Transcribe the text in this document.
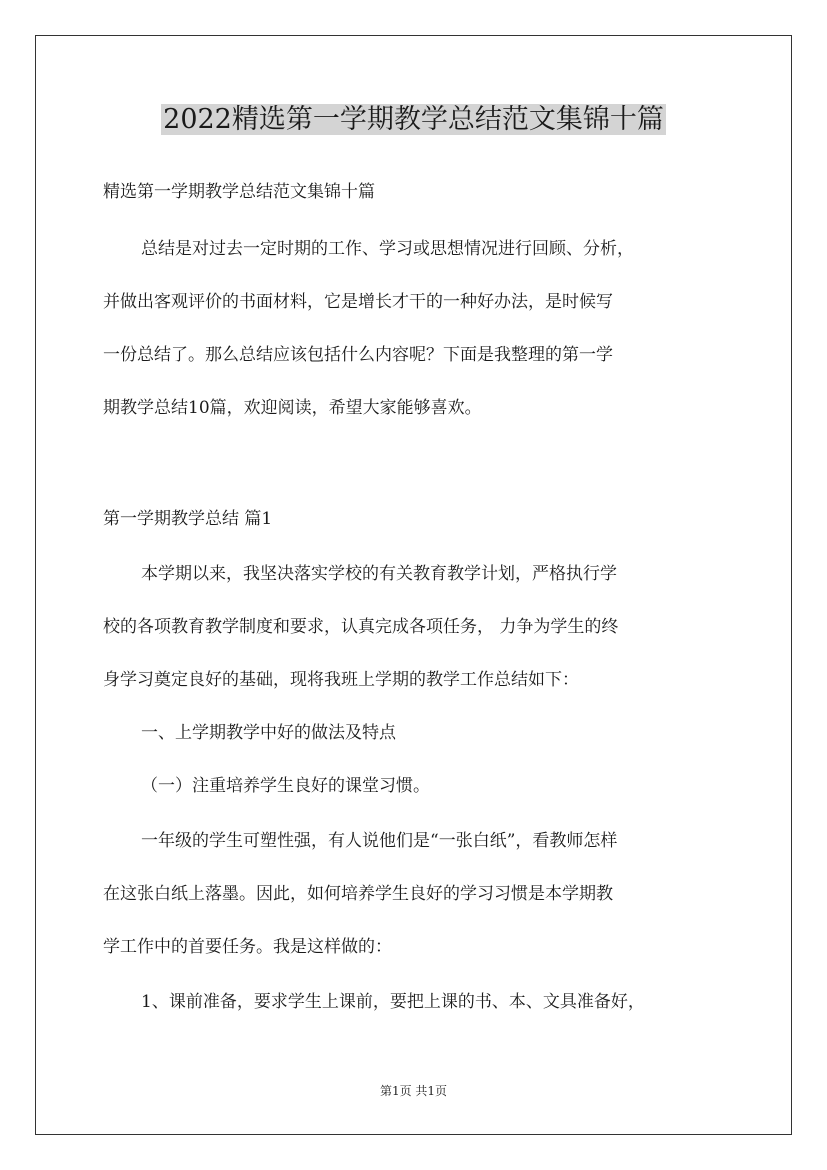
2022精选第一学期教学总结范文集锦十篇

精选第一学期教学总结范文集锦十篇

总结是对过去一定时期的工作、学习或思想情况进行回顾、分析，

并做出客观评价的书面材料，它是增长才干的一种好办法，是时候写

一份总结了。那么总结应该包括什么内容呢？下面是我整理的第一学

期教学总结10篇，欢迎阅读，希望大家能够喜欢。

第一学期教学总结 篇1

本学期以来，我坚决落实学校的有关教育教学计划，严格执行学

校的各项教育教学制度和要求，认真完成各项任务， 力争为学生的终

身学习奠定良好的基础，现将我班上学期的教学工作总结如下：

一、上学期教学中好的做法及特点

（一）注重培养学生良好的课堂习惯。

一年级的学生可塑性强，有人说他们是“一张白纸”，看教师怎样

在这张白纸上落墨。因此，如何培养学生良好的学习习惯是本学期教

学工作中的首要任务。我是这样做的：

1、课前准备，要求学生上课前，要把上课的书、本、文具准备好，

第1页 共1页
